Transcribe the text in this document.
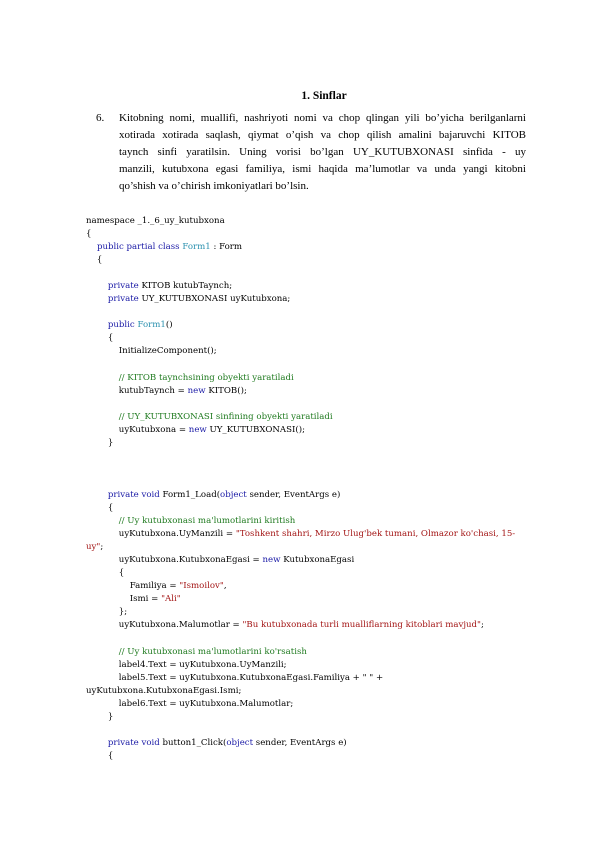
1. Sinflar
6. Kitobning nomi, muallifi, nashriyoti nomi va chop qlingan yili bo’yicha berilganlarni
xotirada xotirada saqlash, qiymat o’qish va chop qilish amalini bajaruvchi KITOB
taynch sinfi yaratilsin. Uning vorisi bo’lgan UY_KUTUBXONASI sinfida - uy
manzili, kutubxona egasi familiya, ismi haqida ma’lumotlar va unda yangi kitobni
qo’shish va o’chirish imkoniyatlari bo’lsin.
namespace _1._6_uy_kutubxona
{
public partial class Form1 : Form
{

private KITOB kutubTaynch;
private UY_KUTUBXONASI uyKutubxona;

public Form1()
{
InitializeComponent();

// KITOB taynchsining obyekti yaratiladi
kutubTaynch = new KITOB();

// UY_KUTUBXONASI sinfining obyekti yaratiladi
uyKutubxona = new UY_KUTUBXONASI();
}

private void Form1_Load(object sender, EventArgs e)
{
// Uy kutubxonasi ma'lumotlarini kiritish
uyKutubxona.UyManzili = "Toshkent shahri, Mirzo Ulug'bek tumani, Olmazor ko'chasi, 15-
uy";
uyKutubxona.KutubxonaEgasi = new KutubxonaEgasi
{
Familiya = "Ismoilov",
Ismi = "Ali"
};
uyKutubxona.Malumotlar = "Bu kutubxonada turli mualliflarning kitoblari mavjud";

// Uy kutubxonasi ma'lumotlarini ko'rsatish
label4.Text = uyKutubxona.UyManzili;
label5.Text = uyKutubxona.KutubxonaEgasi.Familiya + " " +
uyKutubxona.KutubxonaEgasi.Ismi;
label6.Text = uyKutubxona.Malumotlar;
}

private void button1_Click(object sender, EventArgs e)
{
